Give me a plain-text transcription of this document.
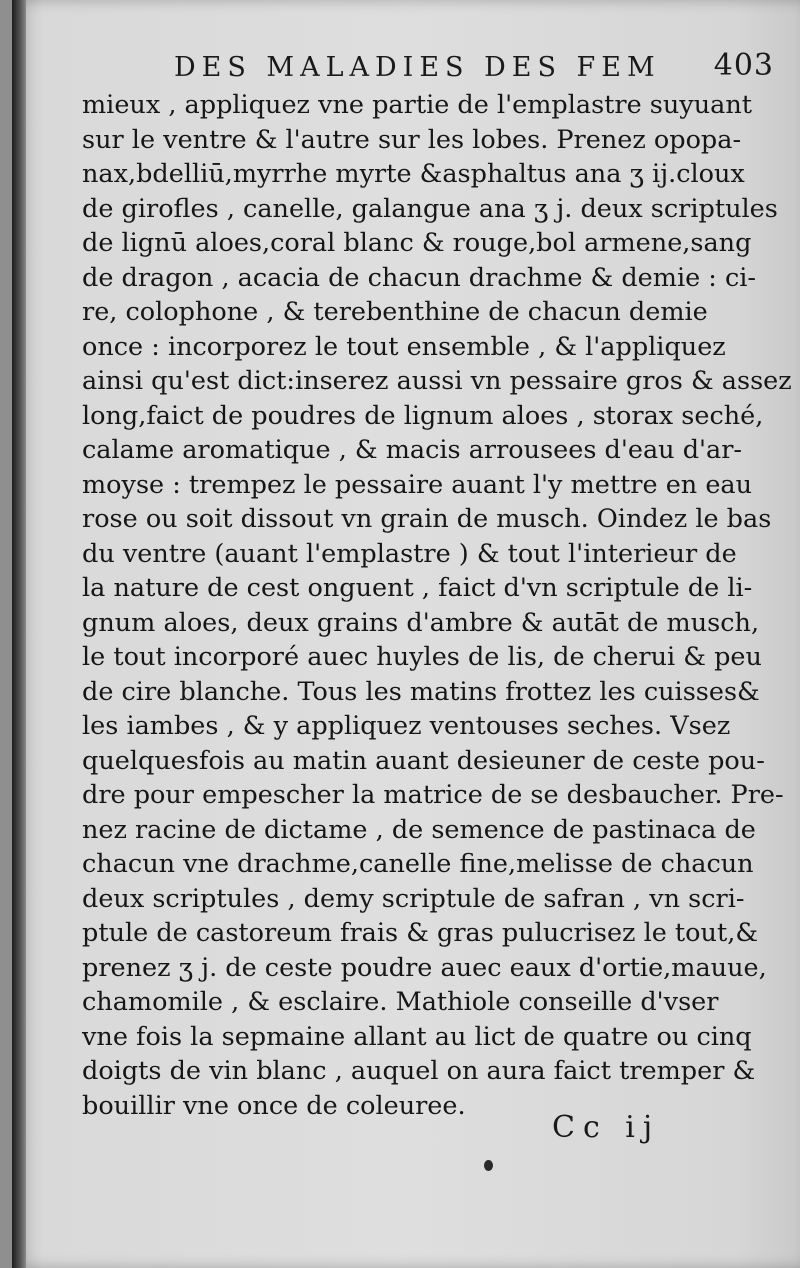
DES MALADIES DES FEM 403
mieux , appliquez vne partie de l'emplastre suyuant
sur le ventre & l'autre sur les lobes. Prenez opopa-
nax,bdelliū,myrrhe myrte &asphaltus ana ʒ ij.cloux
de girofles , canelle, galangue ana ʒ j. deux scriptules
de lignū aloes,coral blanc & rouge,bol armene,sang
de dragon , acacia de chacun drachme & demie : ci-
re, colophone , & terebenthine de chacun demie
once : incorporez le tout ensemble , & l'appliquez
ainsi qu'est dict:inserez aussi vn pessaire gros & assez
long,faict de poudres de lignum aloes , storax seché,
calame aromatique , & macis arrousees d'eau d'ar-
moyse : trempez le pessaire auant l'y mettre en eau
rose ou soit dissout vn grain de musch. Oindez le bas
du ventre (auant l'emplastre ) & tout l'interieur de
la nature de cest onguent , faict d'vn scriptule de li-
gnum aloes, deux grains d'ambre & autāt de musch,
le tout incorporé auec huyles de lis, de cherui & peu
de cire blanche. Tous les matins frottez les cuisses&
les iambes , & y appliquez ventouses seches. Vsez
quelquesfois au matin auant desieuner de ceste pou-
dre pour empescher la matrice de se desbaucher. Pre-
nez racine de dictame , de semence de pastinaca de
chacun vne drachme,canelle fine,melisse de chacun
deux scriptules , demy scriptule de safran , vn scri-
ptule de castoreum frais & gras pulucrisez le tout,&
prenez ʒ j. de ceste poudre auec eaux d'ortie,mauue,
chamomile , & esclaire. Mathiole conseille d'vser
vne fois la sepmaine allant au lict de quatre ou cinq
doigts de vin blanc , auquel on aura faict tremper &
bouillir vne once de coleuree.
Cc ij
